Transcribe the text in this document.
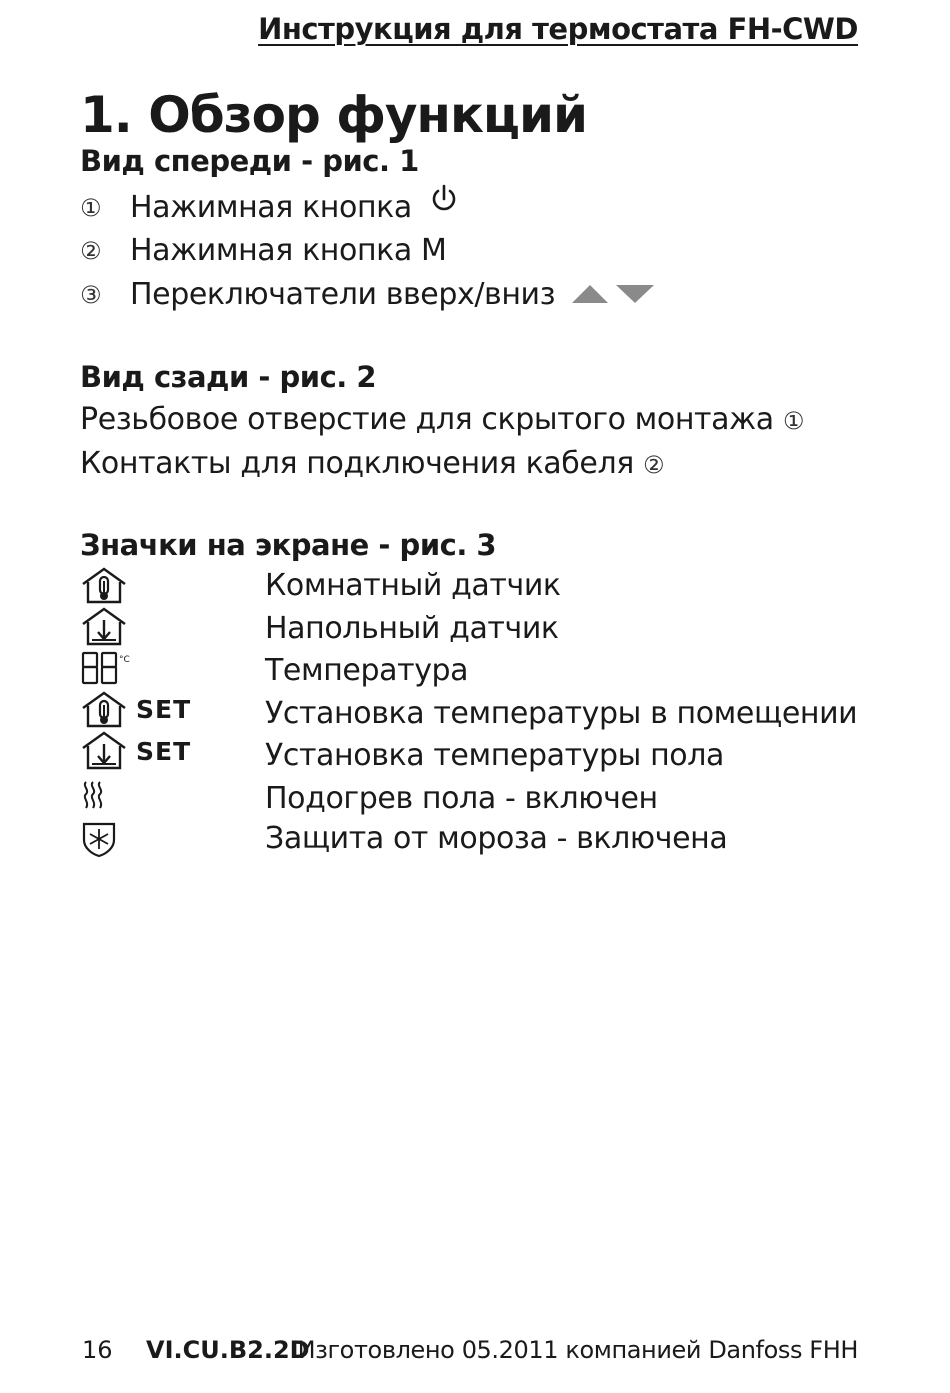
Инструкция для термостата FH-CWD
1. Обзор функций
Вид спереди - рис. 1
① Нажимная кнопка
② Нажимная кнопка M
③ Переключатели вверх/вниз
Вид сзади - рис. 2
Резьбовое отверстие для скрытого монтажа ①
Контакты для подключения кабеля ②
Значки на экране - рис. 3
Комнатный датчик
Напольный датчик
°C	Температура
SET Установка температуры в помещении
SET Установка температуры пола
Подогрев пола - включен
Защита от мороза - включена
16 VI.CU.B2.2D
Изготовлено 05.2011 компанией Danfoss FHH
